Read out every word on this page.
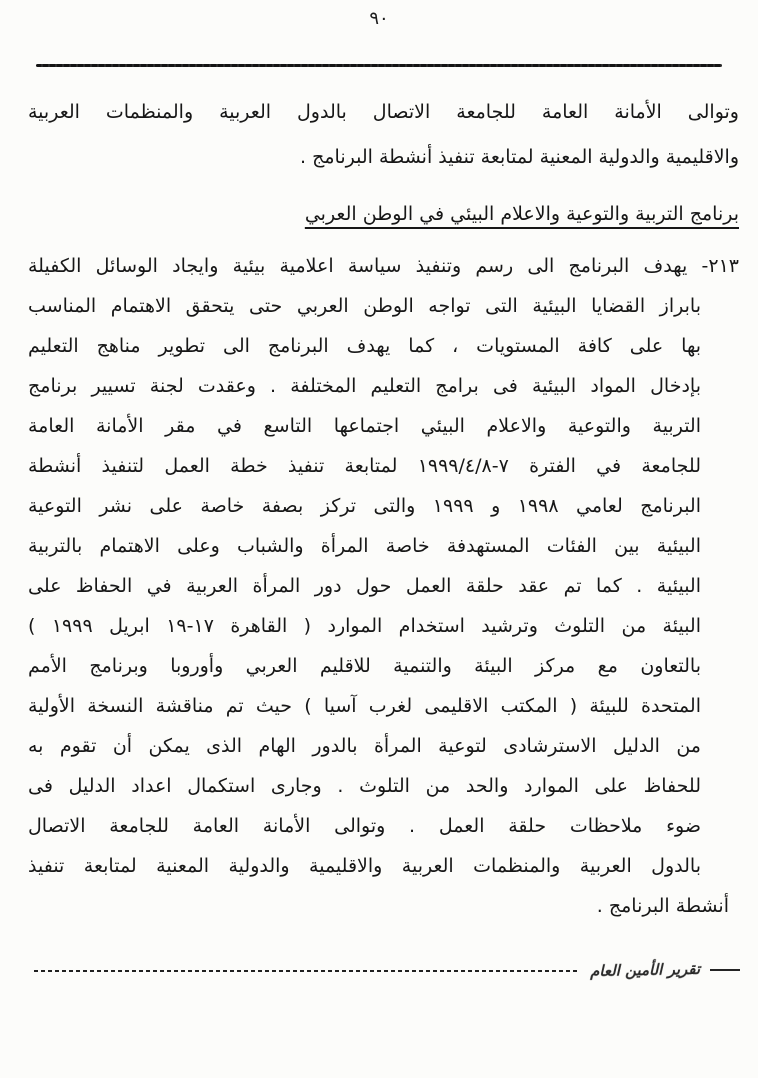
٩٠
وتوالى الأمانة العامة للجامعة الاتصال بالدول العربية والمنظمات العربية
والاقليمية والدولية المعنية لمتابعة تنفيذ أنشطة البرنامج .
برنامج التربية والتوعية والاعلام البيئي في الوطن العربي
٢١٣- يهدف البرنامج الى رسم وتنفيذ سياسة اعلامية بيئية وايجاد الوسائل الكفيلة
بابراز القضايا البيئية التى تواجه الوطن العربي حتى يتحقق الاهتمام المناسب
بها على كافة المستويات ، كما يهدف البرنامج الى تطوير مناهج التعليم
بإدخال المواد البيئية فى برامج التعليم المختلفة . وعقدت لجنة تسيير برنامج
التربية والتوعية والاعلام البيئي اجتماعها التاسع في مقر الأمانة العامة
للجامعة في الفترة ٧-٨‏/٤‏/١٩٩٩ لمتابعة تنفيذ خطة العمل لتنفيذ أنشطة
البرنامج لعامي ١٩٩٨ و ١٩٩٩ والتى تركز بصفة خاصة على نشر التوعية
البيئية بين الفئات المستهدفة خاصة المرأة والشباب وعلى الاهتمام بالتربية
البيئية . كما تم عقد حلقة العمل حول دور المرأة العربية في الحفاظ على
البيئة من التلوث وترشيد استخدام الموارد ( القاهرة ١٧-١٩ ابريل ١٩٩٩ )
بالتعاون مع مركز البيئة والتنمية للاقليم العربي وأوروبا وبرنامج الأمم
المتحدة للبيئة ( المكتب الاقليمى لغرب آسيا ) حيث تم مناقشة النسخة الأولية
من الدليل الاسترشادى لتوعية المرأة بالدور الهام الذى يمكن أن تقوم به
للحفاظ على الموارد والحد من التلوث . وجارى استكمال اعداد الدليل فى
ضوء ملاحظات حلقة العمل . وتوالى الأمانة العامة للجامعة الاتصال
بالدول العربية والمنظمات العربية والاقليمية والدولية المعنية لمتابعة تنفيذ
أنشطة البرنامج .
تقرير الأمين العام
